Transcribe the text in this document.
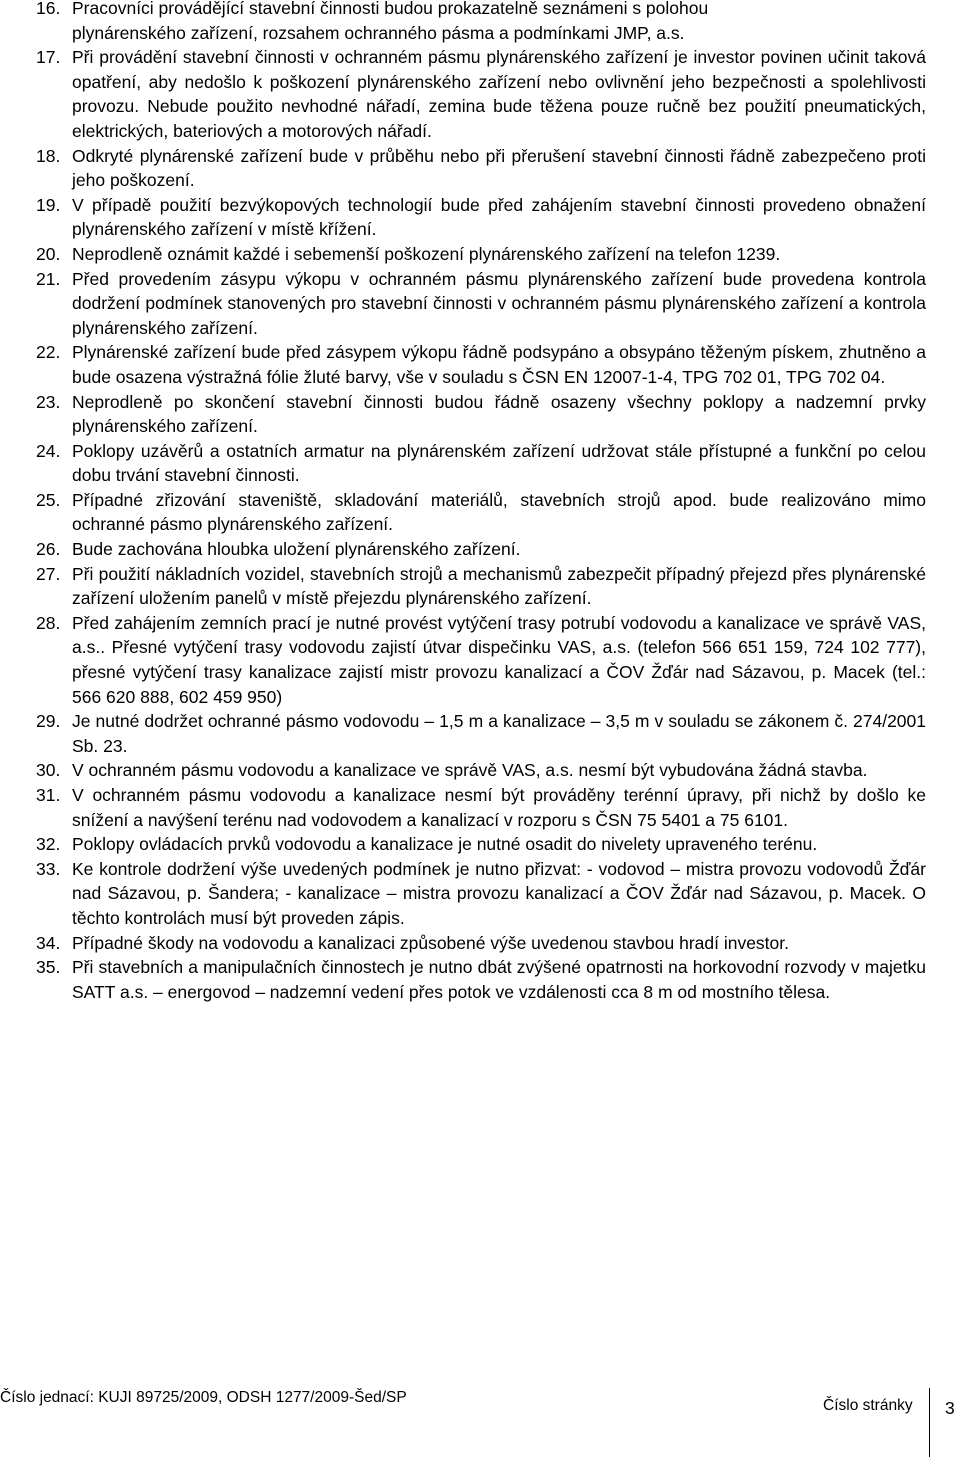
16. Pracovníci provádějící stavební činnosti budou prokazatelně seznámeni s polohou
plynárenského zařízení, rozsahem ochranného pásma a podmínkami JMP, a.s.
17. Při provádění stavební činnosti v ochranném pásmu plynárenského zařízení je investor povinen učinit taková opatření, aby nedošlo k poškození plynárenského zařízení nebo ovlivnění jeho bezpečnosti a spolehlivosti provozu. Nebude použito nevhodné nářadí, zemina bude těžena pouze ručně bez použití pneumatických, elektrických, bateriových a motorových nářadí.
18. Odkryté plynárenské zařízení bude v průběhu nebo při přerušení stavební činnosti řádně zabezpečeno proti jeho poškození.
19. V případě použití bezvýkopových technologií bude před zahájením stavební činnosti provedeno obnažení plynárenského zařízení v místě křížení.
20. Neprodleně oznámit každé i sebemenší poškození plynárenského zařízení na telefon 1239.
21. Před provedením zásypu výkopu v ochranném pásmu plynárenského zařízení bude provedena kontrola dodržení podmínek stanovených pro stavební činnosti v ochranném pásmu plynárenského zařízení a kontrola plynárenského zařízení.
22. Plynárenské zařízení bude před zásypem výkopu řádně podsypáno a obsypáno těženým pískem, zhutněno a bude osazena výstražná fólie žluté barvy, vše v souladu s ČSN EN 12007-1-4, TPG 702 01, TPG 702 04.
23. Neprodleně po skončení stavební činnosti budou řádně osazeny všechny poklopy a nadzemní prvky plynárenského zařízení.
24. Poklopy uzávěrů a ostatních armatur na plynárenském zařízení udržovat stále přístupné a funkční po celou dobu trvání stavební činnosti.
25. Případné zřizování staveniště, skladování materiálů, stavebních strojů apod. bude realizováno mimo ochranné pásmo plynárenského zařízení.
26. Bude zachována hloubka uložení plynárenského zařízení.
27. Při použití nákladních vozidel, stavebních strojů a mechanismů zabezpečit případný přejezd přes plynárenské zařízení uložením panelů v místě přejezdu plynárenského zařízení.
28. Před zahájením zemních prací je nutné provést vytýčení trasy potrubí vodovodu a kanalizace ve správě VAS, a.s.. Přesné vytýčení trasy vodovodu zajistí útvar dispečinku VAS, a.s. (telefon 566 651 159, 724 102 777), přesné vytýčení trasy kanalizace zajistí mistr provozu kanalizací a ČOV Žďár nad Sázavou, p. Macek (tel.: 566 620 888, 602 459 950)
29. Je nutné dodržet ochranné pásmo vodovodu – 1,5 m a kanalizace – 3,5 m v souladu se zákonem č. 274/2001 Sb. 23.
30. V ochranném pásmu vodovodu a kanalizace ve správě VAS, a.s. nesmí být vybudována žádná stavba.
31. V ochranném pásmu vodovodu a kanalizace nesmí být prováděny terénní úpravy, při nichž by došlo ke snížení a navýšení terénu nad vodovodem a kanalizací v rozporu s ČSN 75 5401 a 75 6101.
32. Poklopy ovládacích prvků vodovodu a kanalizace je nutné osadit do nivelety upraveného terénu.
33. Ke kontrole dodržení výše uvedených podmínek je nutno přizvat: - vodovod – mistra provozu vodovodů Žďár nad Sázavou, p. Šandera; - kanalizace – mistra provozu kanalizací a ČOV Žďár nad Sázavou, p. Macek. O těchto kontrolách musí být proveden zápis.
34. Případné škody na vodovodu a kanalizaci způsobené výše uvedenou stavbou hradí investor.
35. Při stavebních a manipulačních činnostech je nutno dbát zvýšené opatrnosti na horkovodní rozvody v majetku SATT a.s. – energovod – nadzemní vedení přes potok ve vzdálenosti cca 8 m od mostního tělesa.
Číslo jednací: KUJI 89725/2009, ODSH 1277/2009-Šed/SP	Číslo stránky 3
